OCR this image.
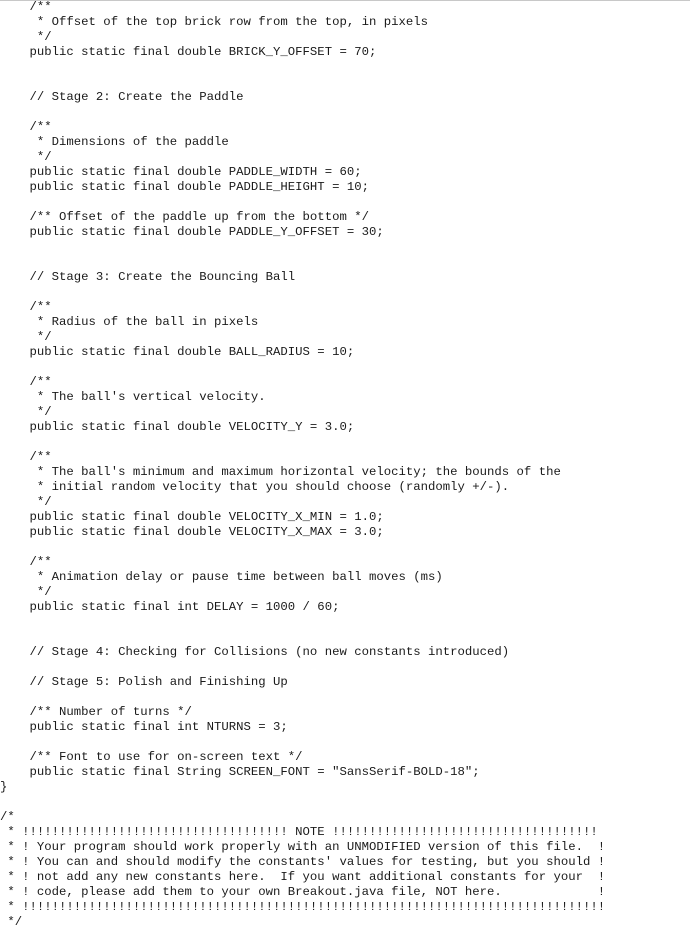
/**
* Offset of the top brick row from the top, in pixels
*/
public static final double BRICK_Y_OFFSET = 70;
// Stage 2: Create the Paddle
/**
* Dimensions of the paddle
*/
public static final double PADDLE_WIDTH = 60;
public static final double PADDLE_HEIGHT = 10;
/** Offset of the paddle up from the bottom */
public static final double PADDLE_Y_OFFSET = 30;
// Stage 3: Create the Bouncing Ball
/**
* Radius of the ball in pixels
*/
public static final double BALL_RADIUS = 10;
/**
* The ball's vertical velocity.
*/
public static final double VELOCITY_Y = 3.0;
/**
* The ball's minimum and maximum horizontal velocity; the bounds of the
* initial random velocity that you should choose (randomly +/-).
*/
public static final double VELOCITY_X_MIN = 1.0;
public static final double VELOCITY_X_MAX = 3.0;
/**
* Animation delay or pause time between ball moves (ms)
*/
public static final int DELAY = 1000 / 60;
// Stage 4: Checking for Collisions (no new constants introduced)
// Stage 5: Polish and Finishing Up
/** Number of turns */
public static final int NTURNS = 3;
/** Font to use for on-screen text */
public static final String SCREEN_FONT = "SansSerif-BOLD-18";
}
/*
* !!!!!!!!!!!!!!!!!!!!!!!!!!!!!!!!!!!! NOTE !!!!!!!!!!!!!!!!!!!!!!!!!!!!!!!!!!!!
* ! Your program should work properly with an UNMODIFIED version of this file.  !
* ! You can and should modify the constants' values for testing, but you should !
* ! not add any new constants here.  If you want additional constants for your  !
* ! code, please add them to your own Breakout.java file, NOT here.             !
* !!!!!!!!!!!!!!!!!!!!!!!!!!!!!!!!!!!!!!!!!!!!!!!!!!!!!!!!!!!!!!!!!!!!!!!!!!!!!!!
*/
